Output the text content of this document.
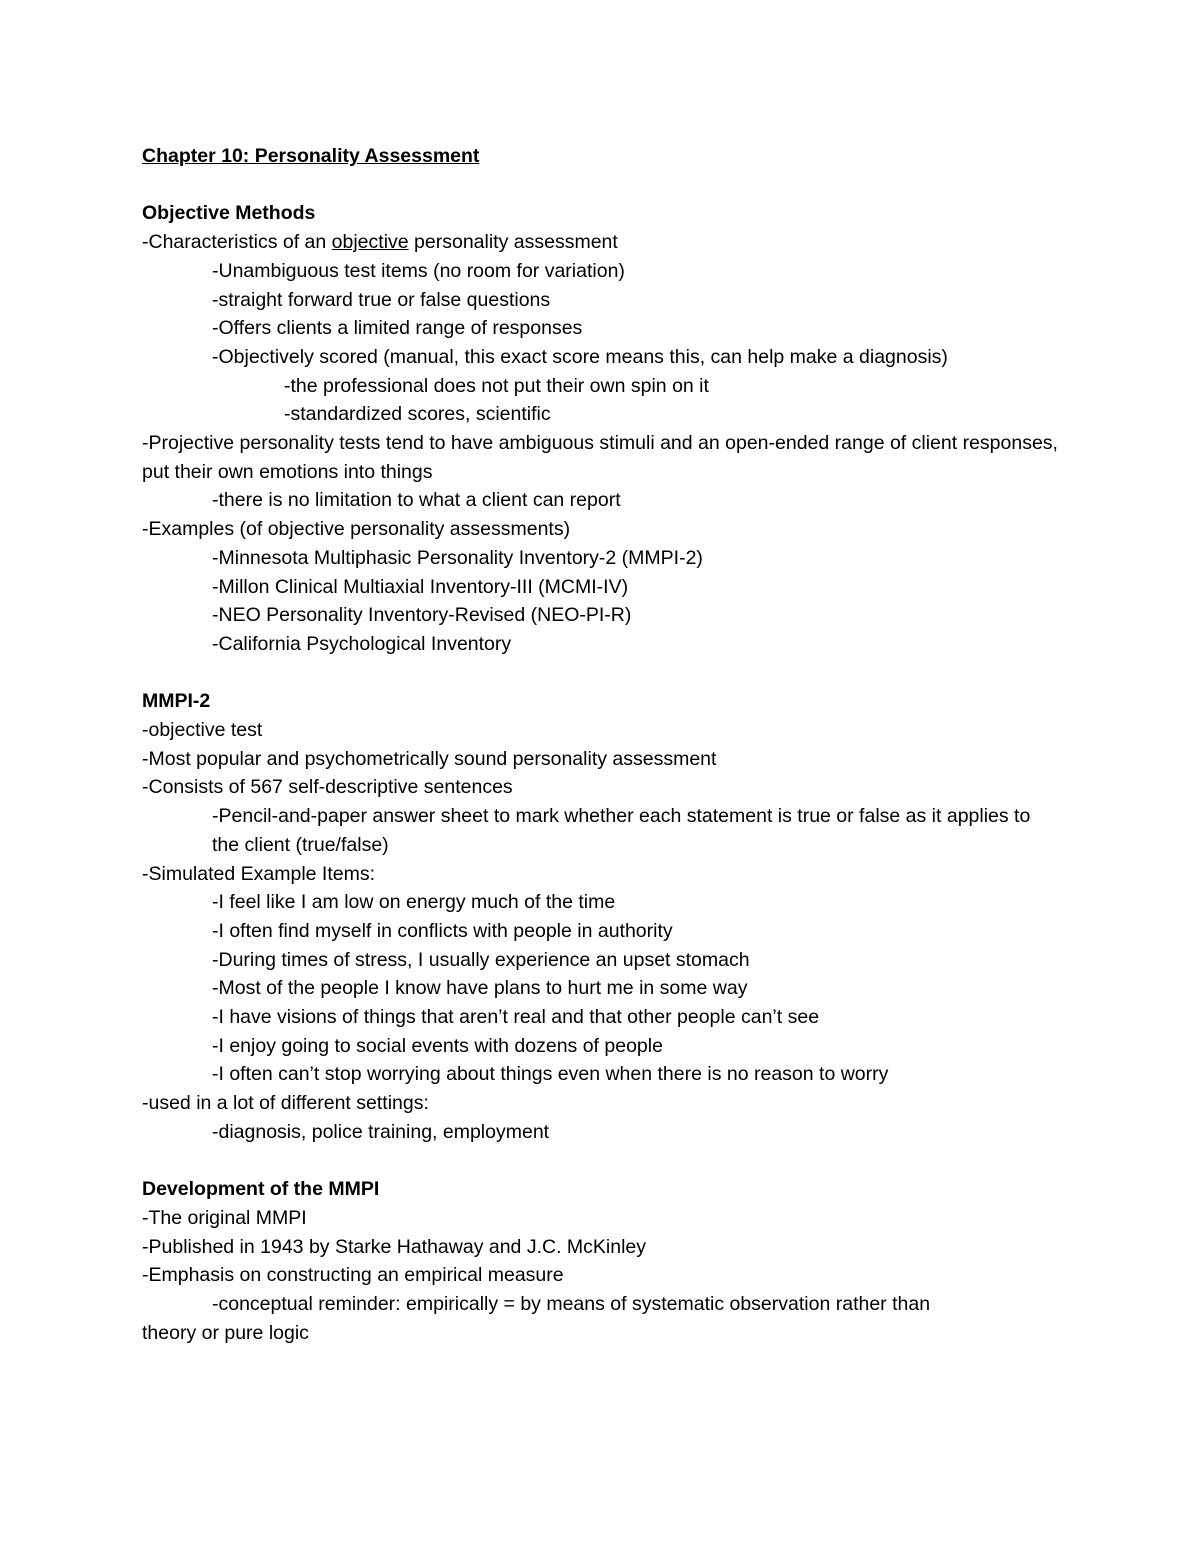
Chapter 10: Personality Assessment
Objective Methods
-Characteristics of an objective personality assessment
-Unambiguous test items (no room for variation)
-straight forward true or false questions
-Offers clients a limited range of responses
-Objectively scored (manual, this exact score means this, can help make a diagnosis)
-the professional does not put their own spin on it
-standardized scores, scientific
-Projective personality tests tend to have ambiguous stimuli and an open-ended range of client responses, put their own emotions into things
-there is no limitation to what a client can report
-Examples (of objective personality assessments)
-Minnesota Multiphasic Personality Inventory-2 (MMPI-2)
-Millon Clinical Multiaxial Inventory-III (MCMI-IV)
-NEO Personality Inventory-Revised (NEO-PI-R)
-California Psychological Inventory
MMPI-2
-objective test
-Most popular and psychometrically sound personality assessment
-Consists of 567 self-descriptive sentences
-Pencil-and-paper answer sheet to mark whether each statement is true or false as it applies to the client (true/false)
-Simulated Example Items:
-I feel like I am low on energy much of the time
-I often find myself in conflicts with people in authority
-During times of stress, I usually experience an upset stomach
-Most of the people I know have plans to hurt me in some way
-I have visions of things that aren’t real and that other people can’t see
-I enjoy going to social events with dozens of people
-I often can’t stop worrying about things even when there is no reason to worry
-used in a lot of different settings:
-diagnosis, police training, employment
Development of the MMPI
-The original MMPI
-Published in 1943 by Starke Hathaway and J.C. McKinley
-Emphasis on constructing an empirical measure
-conceptual reminder: empirically = by means of systematic observation rather than
theory or pure logic
